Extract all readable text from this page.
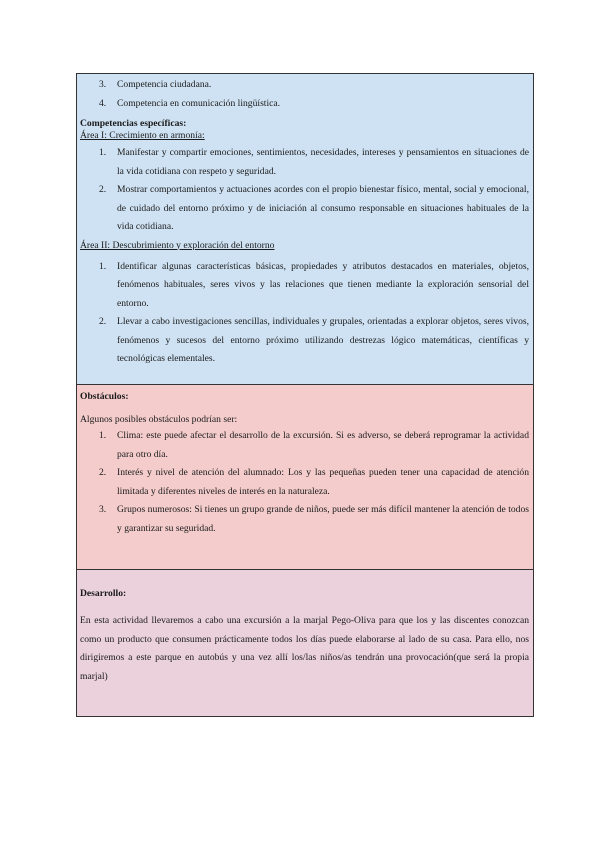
3. Competencia ciudadana.
4. Competencia en comunicación lingüística.
Competencias específicas:
Área I: Crecimiento en armonía:
1. Manifestar y compartir emociones, sentimientos, necesidades, intereses y pensamientos en situaciones de la vida cotidiana con respeto y seguridad.
2. Mostrar comportamientos y actuaciones acordes con el propio bienestar físico, mental, social y emocional, de cuidado del entorno próximo y de iniciación al consumo responsable en situaciones habituales de la vida cotidiana.
Área II: Descubrimiento y exploración del entorno
1. Identificar algunas características básicas, propiedades y atributos destacados en materiales, objetos, fenómenos habituales, seres vivos y las relaciones que tienen mediante la exploración sensorial del entorno.
2. Llevar a cabo investigaciones sencillas, individuales y grupales, orientadas a explorar objetos, seres vivos, fenómenos y sucesos del entorno próximo utilizando destrezas lógico matemáticas, científicas y tecnológicas elementales.
Obstáculos:

Algunos posibles obstáculos podrían ser:

1. Clima: este puede afectar el desarrollo de la excursión. Si es adverso, se deberá reprogramar la actividad para otro día.
2. Interés y nivel de atención del alumnado: Los y las pequeñas pueden tener una capacidad de atención limitada y diferentes niveles de interés en la naturaleza.
3. Grupos numerosos: Si tienes un grupo grande de niños, puede ser más difícil mantener la atención de todos y garantizar su seguridad.
Desarrollo:

En esta actividad llevaremos a cabo una excursión a la marjal Pego-Oliva para que los y las discentes conozcan como un producto que consumen prácticamente todos los días puede elaborarse al lado de su casa. Para ello, nos dirigiremos a este parque en autobús y una vez allí los/las niños/as tendrán una provocación(que será la propia marjal)
